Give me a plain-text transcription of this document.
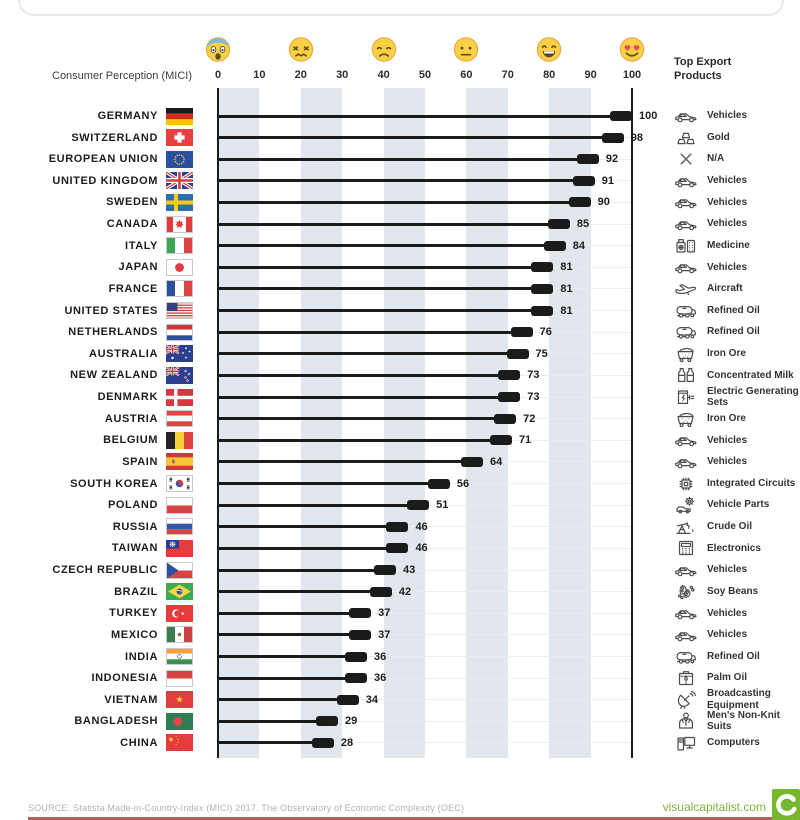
Consumer Perception (MICI) 0	10	20	30	40	50	60	70	80	90 100
Top Export Products
GERMANY	100	Vehicles
SWITZERLAND	98	Gold
EUROPEAN UNION	92	N/A
UNITED KINGDOM	91	Vehicles
SWEDEN	90	Vehicles
CANADA	85	Vehicles
ITALY	84	Medicine
JAPAN	81	Vehicles
FRANCE	81	Aircraft
UNITED STATES	81	Refined Oil
NETHERLANDS	76	Refined Oil
AUSTRALIA	75	Iron Ore
NEW ZEALAND	73	Concentrated Milk
DENMARK	73	Electric Generating Sets
AUSTRIA	72	Iron Ore
BELGIUM	71	Vehicles
SPAIN	64	Vehicles
SOUTH KOREA	56	Integrated Circuits
POLAND	51	Vehicle Parts
RUSSIA	46	Crude Oil
TAIWAN	46	Electronics
CZECH REPUBLIC	43	Vehicles
BRAZIL	42	Soy Beans
TURKEY	37	Vehicles
MEXICO	37	Vehicles
INDIA	36	Refined Oil
INDONESIA	36	Palm Oil
VIETNAM	34	Broadcasting Equipment
BANGLADESH	29	Men's Non-Knit Suits
CHINA	28	Computers
SOURCE: Statista Made-in-Country-Index (MICI) 2017. The Observatory of Economic Complexity (OEC)	visualcapitalist.com
